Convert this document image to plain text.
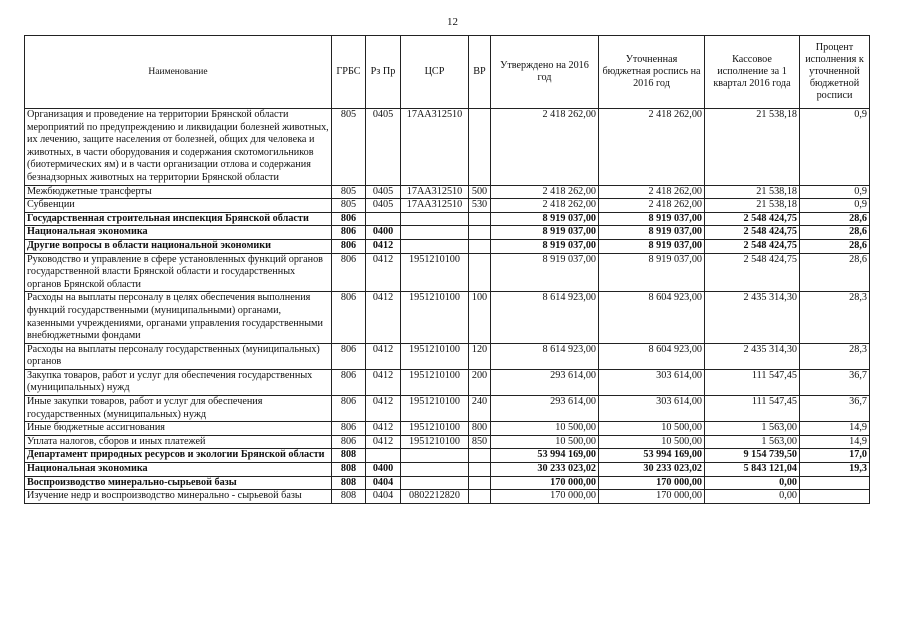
12
Наименование	ГРБС	Рз Пр	ЦСР	ВР	Утверждено на 2016 год	Уточненная бюджетная роспись на 2016 год	Кассовое исполнение за 1 квартал 2016 года	Процент исполнения к уточненной бюджетной росписи
Организация и проведение на территории Брянской области мероприятий по предупреждению и ликвидации болезней животных, их лечению, защите населения от болезней, общих для человека и животных, в части оборудования и содержания скотомогильников (биотермических ям) и в части организации отлова и содержания безнадзорных животных на территории Брянской области	805	0405	17АА312510		2 418 262,00	2 418 262,00	21 538,18	0,9
Межбюджетные трансферты	805	0405	17АА312510	500	2 418 262,00	2 418 262,00	21 538,18	0,9
Субвенции	805	0405	17АА312510	530	2 418 262,00	2 418 262,00	21 538,18	0,9
Государственная строительная инспекция Брянской области	806				8 919 037,00	8 919 037,00	2 548 424,75	28,6
Национальная экономика	806	0400			8 919 037,00	8 919 037,00	2 548 424,75	28,6
Другие вопросы в области национальной экономики	806	0412			8 919 037,00	8 919 037,00	2 548 424,75	28,6
Руководство и управление в сфере установленных функций органов государственной власти Брянской области и государственных органов Брянской области	806	0412	1951210100		8 919 037,00	8 919 037,00	2 548 424,75	28,6
Расходы на выплаты персоналу в целях обеспечения выполнения функций государственными (муниципальными) органами, казенными учреждениями, органами управления государственными внебюджетными фондами	806	0412	1951210100	100	8 614 923,00	8 604 923,00	2 435 314,30	28,3
Расходы на выплаты персоналу государственных (муниципальных) органов	806	0412	1951210100	120	8 614 923,00	8 604 923,00	2 435 314,30	28,3
Закупка товаров, работ и услуг для обеспечения государственных (муниципальных) нужд	806	0412	1951210100	200	293 614,00	303 614,00	111 547,45	36,7
Иные закупки товаров, работ и услуг для обеспечения государственных (муниципальных) нужд	806	0412	1951210100	240	293 614,00	303 614,00	111 547,45	36,7
Иные бюджетные ассигнования	806	0412	1951210100	800	10 500,00	10 500,00	1 563,00	14,9
Уплата налогов, сборов и иных платежей	806	0412	1951210100	850	10 500,00	10 500,00	1 563,00	14,9
Департамент природных ресурсов и экологии Брянской области	808				53 994 169,00	53 994 169,00	9 154 739,50	17,0
Национальная экономика	808	0400			30 233 023,02	30 233 023,02	5 843 121,04	19,3
Воспроизводство минерально-сырьевой базы	808	0404			170 000,00	170 000,00	0,00	
Изучение недр и воспроизводство минерально - сырьевой базы	808	0404	0802212820		170 000,00	170 000,00	0,00	
